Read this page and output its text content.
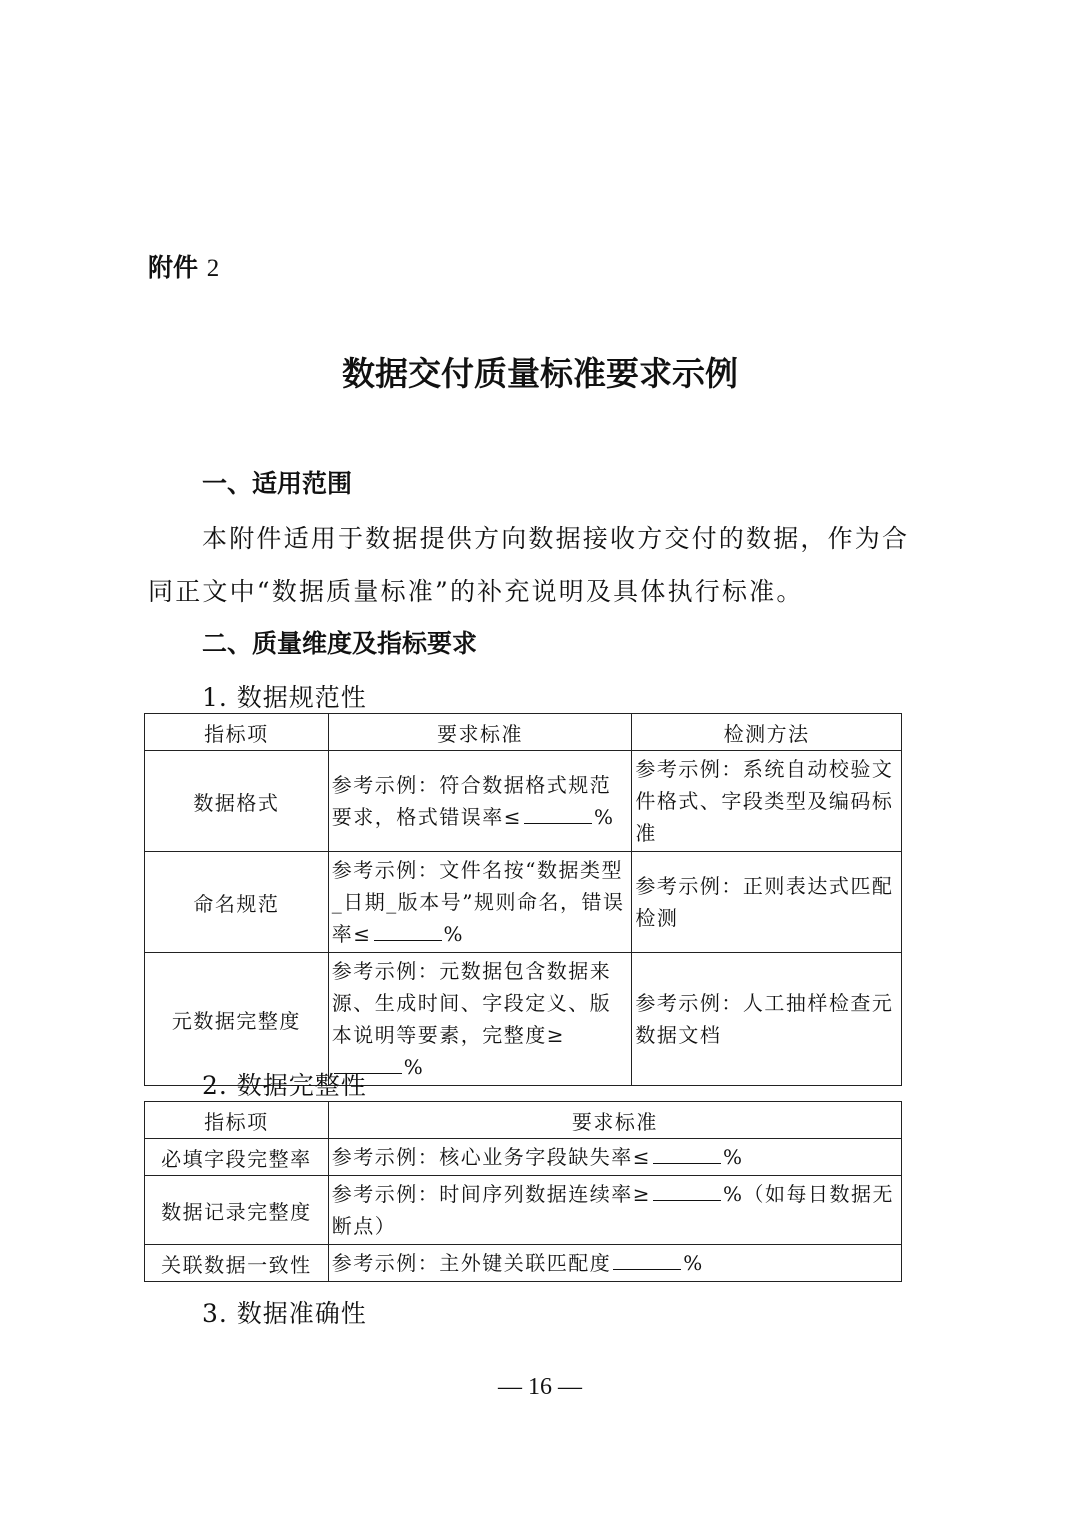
附件 2
数据交付质量标准要求示例
一、适用范围
本附件适用于数据提供方向数据接收方交付的数据，作为合同正文中“数据质量标准”的补充说明及具体执行标准。
二、质量维度及指标要求
1. 数据规范性
指标项	要求标准	检测方法
数据格式	参考示例：符合数据格式规范要求，格式错误率≤ %	参考示例：系统自动校验文件格式、字段类型及编码标准
命名规范	参考示例：文件名按“数据类型_日期_版本号”规则命名，错误率≤ %	参考示例：正则表达式匹配检测
元数据完整度	参考示例：元数据包含数据来源、生成时间、字段定义、版本说明等要素，完整度≥%	参考示例：人工抽样检查元数据文档
2. 数据完整性
指标项	要求标准
必填字段完整率	参考示例：核心业务字段缺失率≤ %
数据记录完整度	参考示例：时间序列数据连续率≥ %（如每日数据无断点）
关联数据一致性	参考示例：主外键关联匹配度 %
3. 数据准确性
— 16 —
